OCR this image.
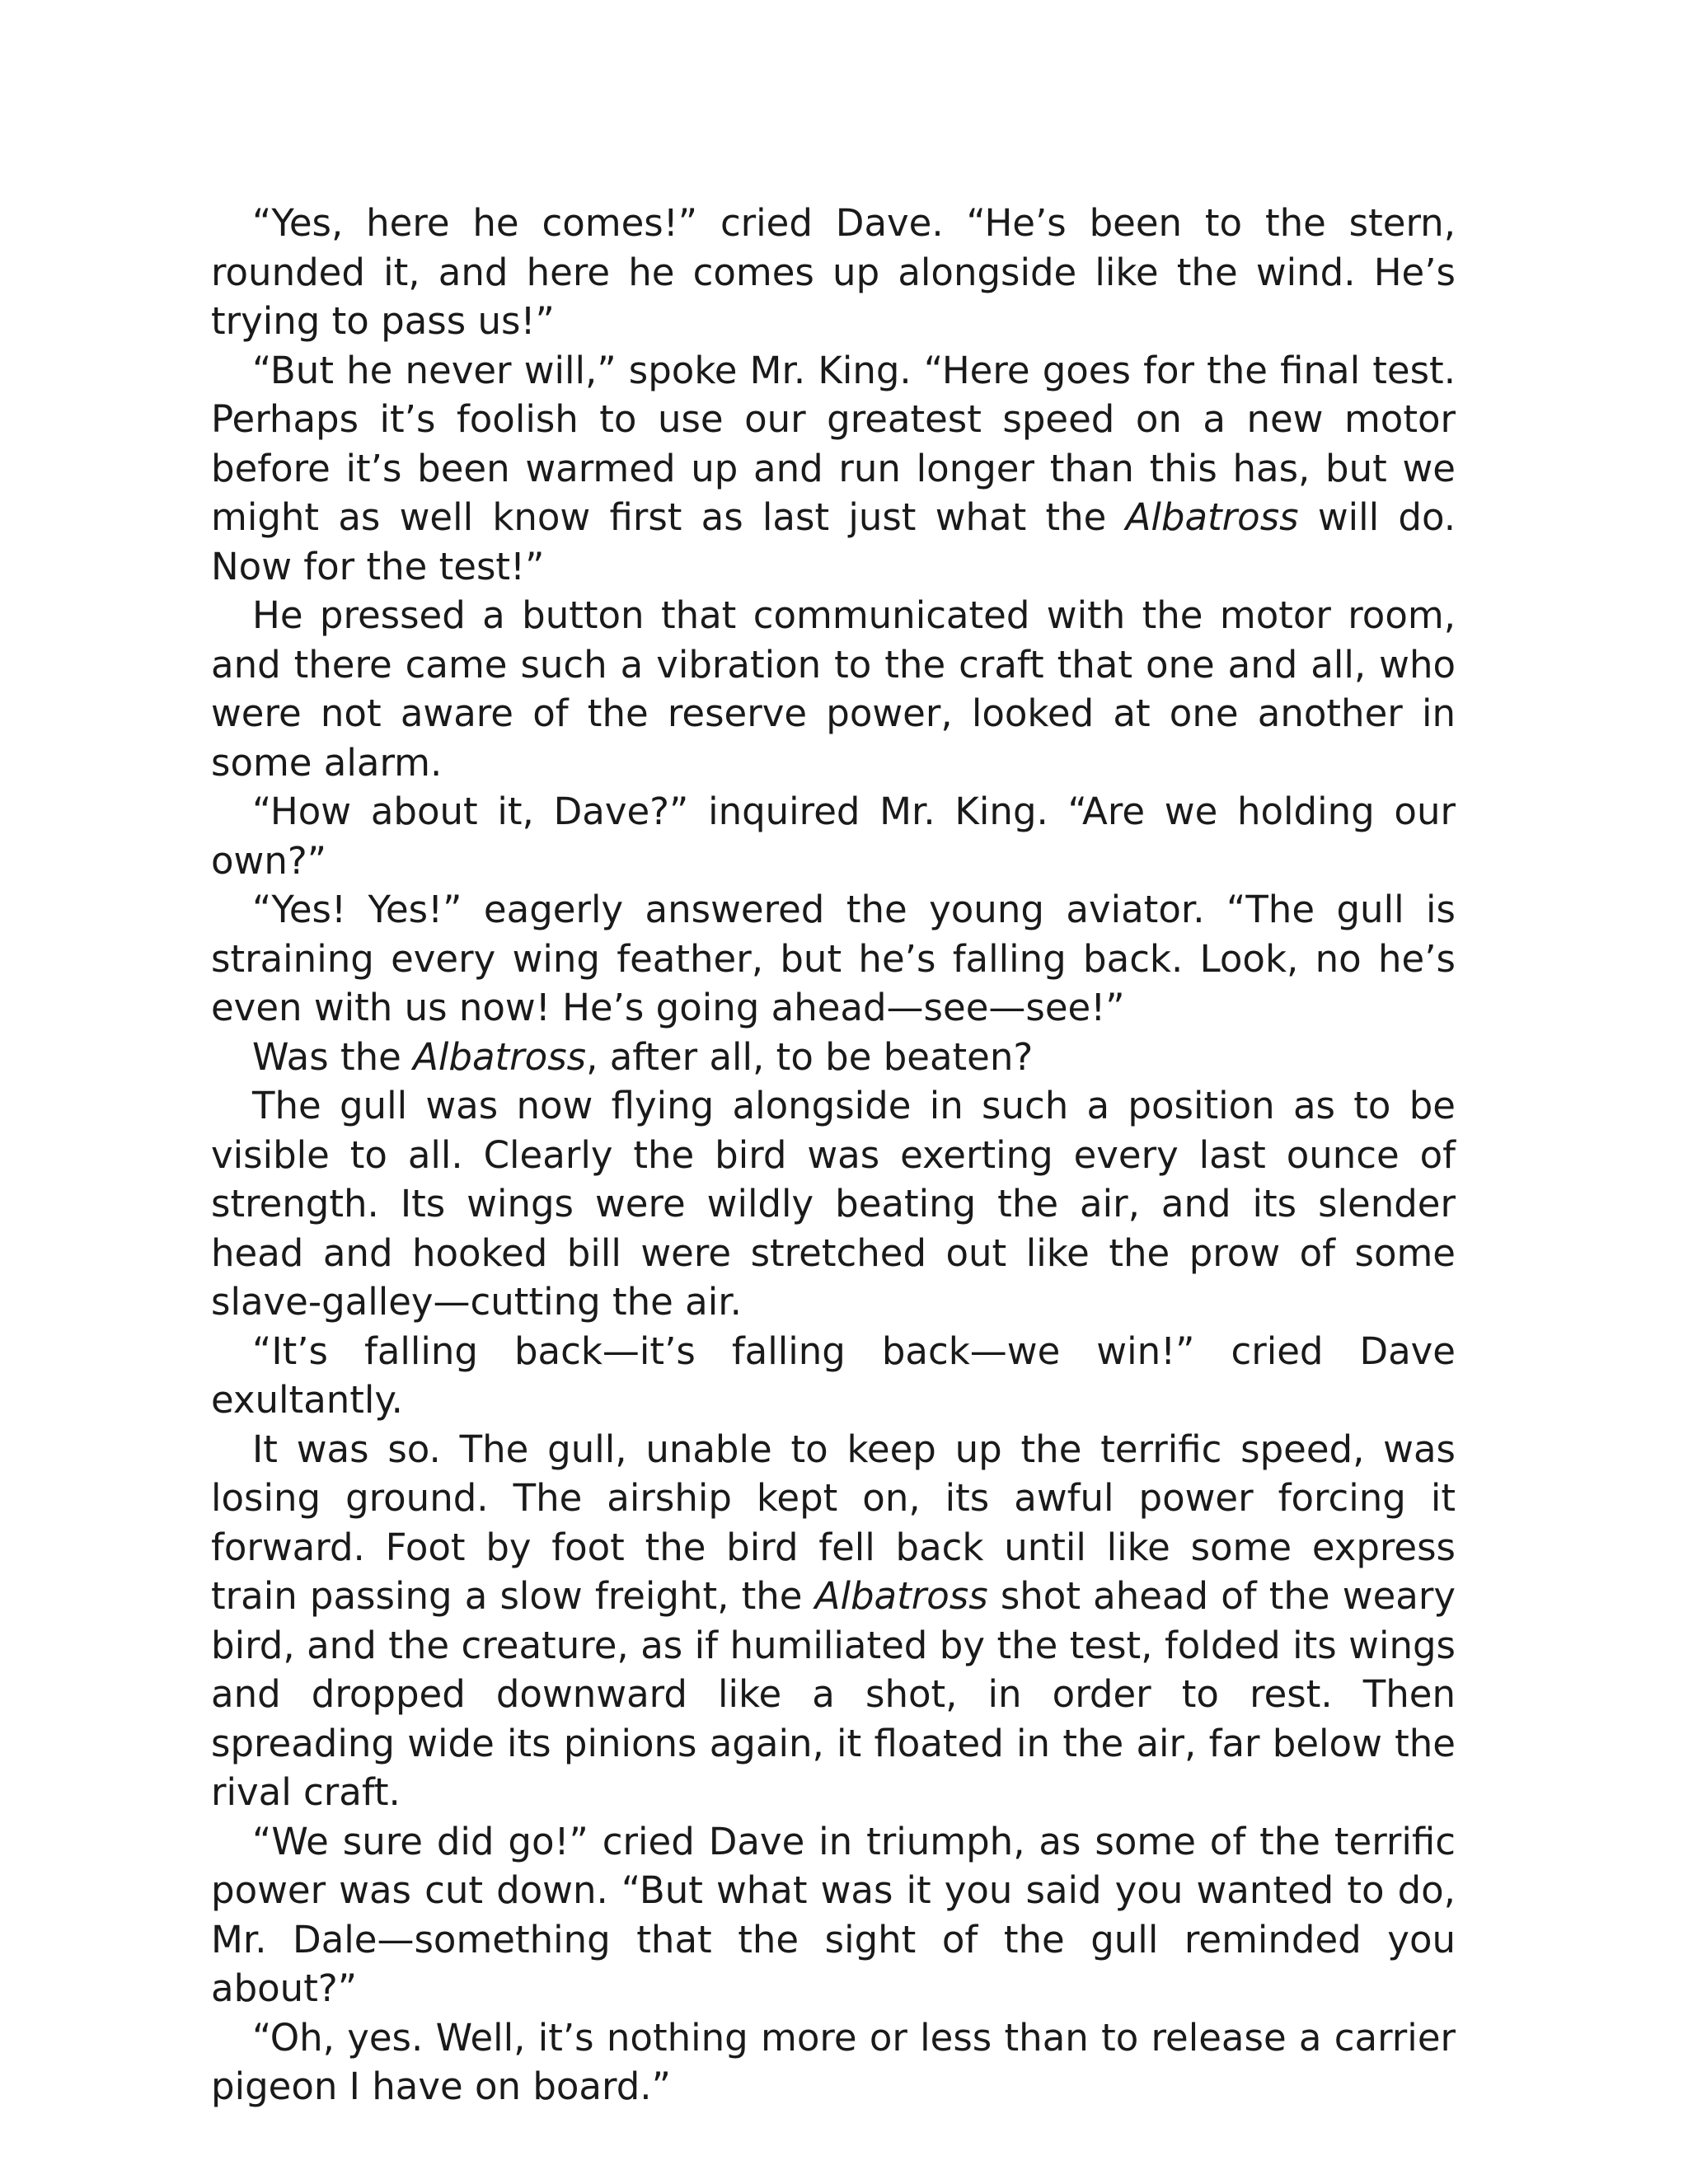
“Yes, here he comes!” cried Dave. “He’s been to the stern, rounded it, and here he comes up alongside like the wind. He’s trying to pass us!”

“But he never will,” spoke Mr. King. “Here goes for the final test. Perhaps it’s foolish to use our greatest speed on a new motor before it’s been warmed up and run longer than this has, but we might as well know first as last just what the Albatross will do. Now for the test!”

He pressed a button that communicated with the motor room, and there came such a vibration to the craft that one and all, who were not aware of the reserve power, looked at one another in some alarm.

“How about it, Dave?” inquired Mr. King. “Are we holding our own?”

“Yes! Yes!” eagerly answered the young aviator. “The gull is straining every wing feather, but he’s falling back. Look, no he’s even with us now! He’s going ahead—see—see!”

Was the Albatross, after all, to be beaten?

The gull was now flying alongside in such a position as to be visible to all. Clearly the bird was exerting every last ounce of strength. Its wings were wildly beating the air, and its slender head and hooked bill were stretched out like the prow of some slave-galley—cutting the air.

“It’s falling back—it’s falling back—we win!” cried Dave exultantly.

It was so. The gull, unable to keep up the terrific speed, was losing ground. The airship kept on, its awful power forcing it forward. Foot by foot the bird fell back until like some express train passing a slow freight, the Albatross shot ahead of the weary bird, and the creature, as if humiliated by the test, folded its wings and dropped downward like a shot, in order to rest. Then spreading wide its pinions again, it floated in the air, far below the rival craft.

“We sure did go!” cried Dave in triumph, as some of the terrific power was cut down. “But what was it you said you wanted to do, Mr. Dale—something that the sight of the gull reminded you about?”

“Oh, yes. Well, it’s nothing more or less than to release a carrier pigeon I have on board.”
